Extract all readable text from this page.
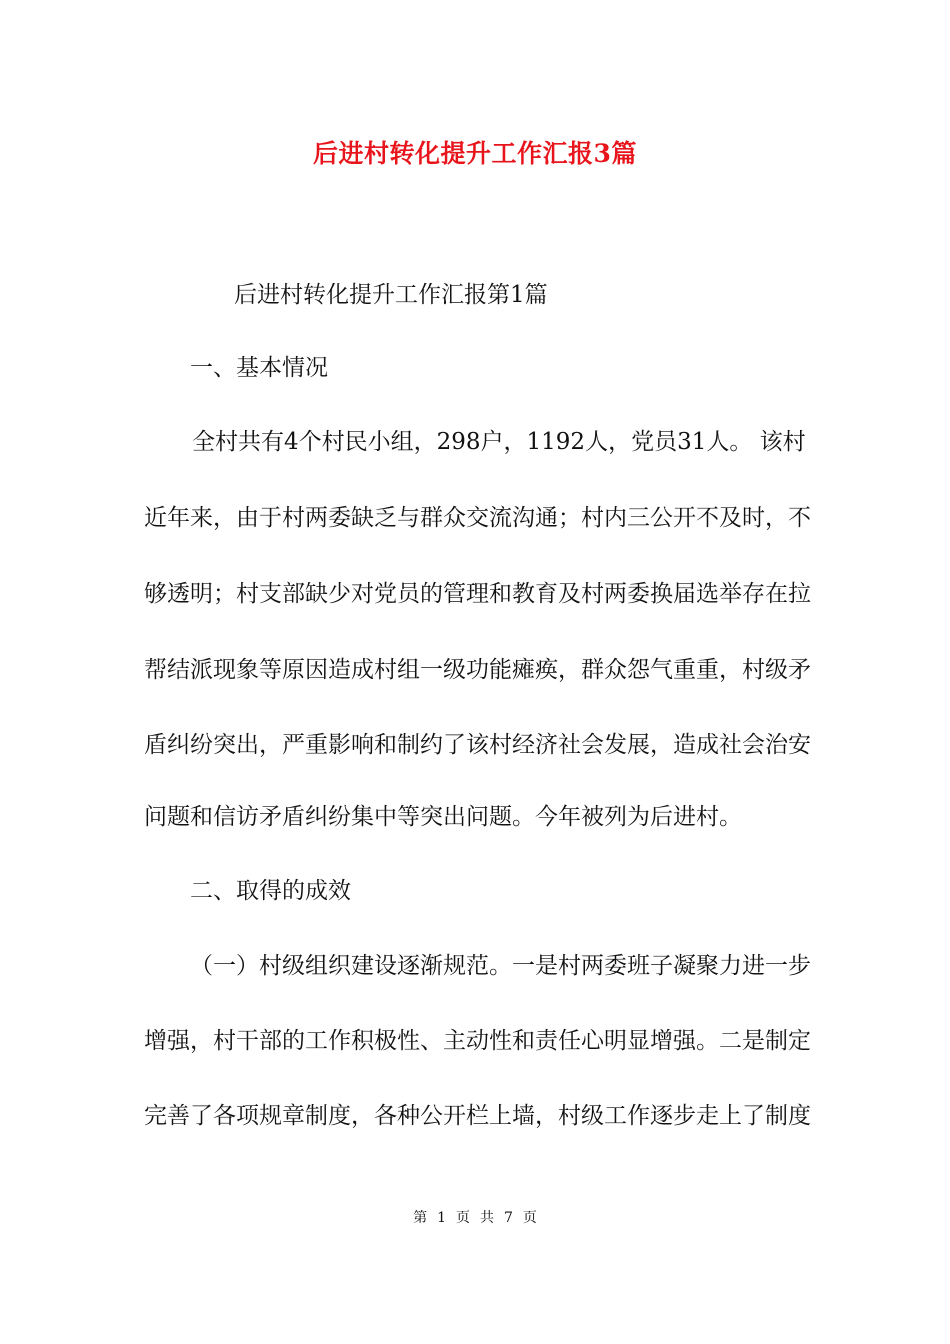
后进村转化提升工作汇报3篇
后进村转化提升工作汇报第1篇
一、基本情况
全村共有4个村民小组，298户，1192人，党员31人。 该村
近年来，由于村两委缺乏与群众交流沟通；村内三公开不及时，不
够透明；村支部缺少对党员的管理和教育及村两委换届选举存在拉
帮结派现象等原因造成村组一级功能瘫痪，群众怨气重重，村级矛
盾纠纷突出，严重影响和制约了该村经济社会发展，造成社会治安
问题和信访矛盾纠纷集中等突出问题。今年被列为后进村。
二、取得的成效
（一）村级组织建设逐渐规范。一是村两委班子凝聚力进一步
增强，村干部的工作积极性、主动性和责任心明显增强。二是制定
完善了各项规章制度，各种公开栏上墙，村级工作逐步走上了制度
第 1 页 共 7 页
